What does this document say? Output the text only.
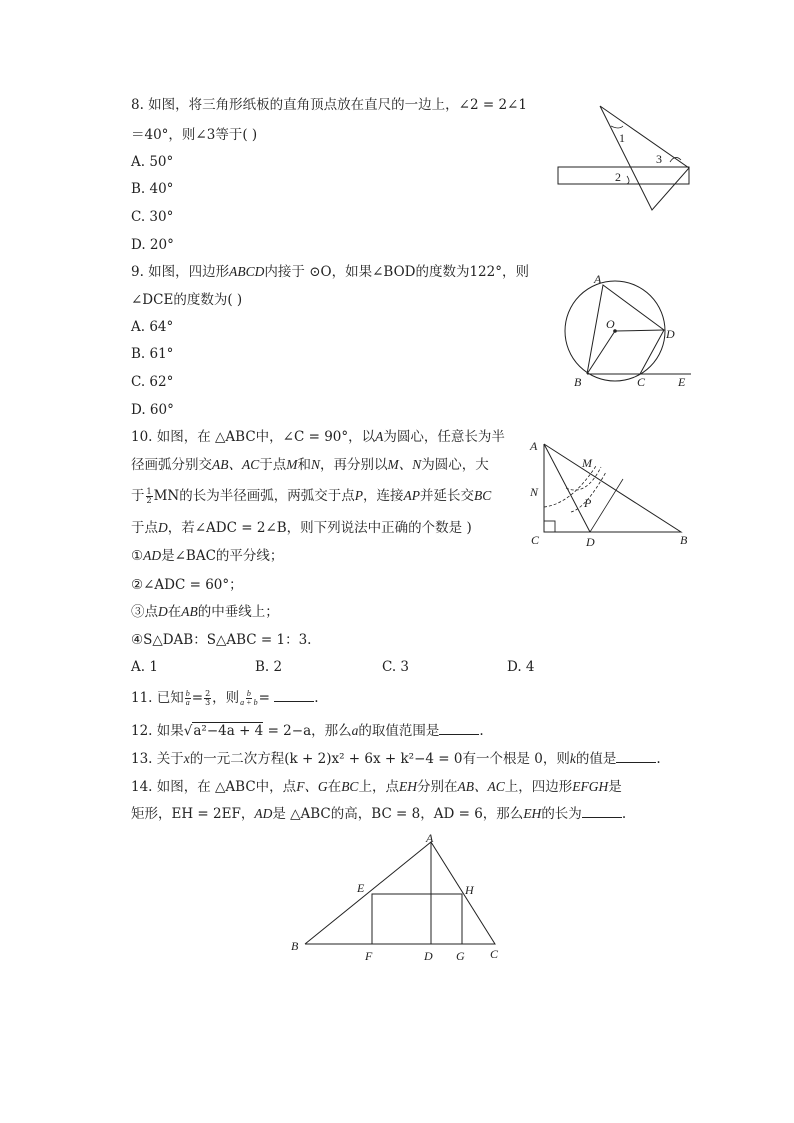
8. 如图，将三角形纸板的直角顶点放在直尺的一边上，∠2 = 2∠1
＝40°，则∠3等于( )
A. 50°
B. 40°
C. 30°
D. 20°
1
3
2
9. 如图，四边形ABCD内接于 ⊙O，如果∠BOD的度数为122°，则
∠DCE的度数为( )
A. 64°
B. 61°
C. 62°
D. 60°
A
O
D
B	C	E
10. 如图，在 △ABC中，∠C = 90°，以A为圆心，任意长为半
径画弧分别交AB、AC于点M和N，再分别以M、N为圆心，大
于 $\frac{1}{2}$ MN的长为半径画弧，两弧交于点P，连接AP并延长交BC
于点D，若∠ADC = 2∠B，则下列说法中正确的个数是 )
①AD是∠BAC的平分线；
②∠ADC = 60°；
③点D在AB的中垂线上；
④S△DAB：S△ABC = 1：3.
A. 1	B. 2	C. 3	D. 4
A
M
N
P
C	D	B
11. 已知 $\frac{b}{a} = \frac{2}{3}$ ，则 $\frac{b}{a + b}$ =	.
12. 如果√a²−4a + 4 = 2−a，那么a的取值范围是	.
13. 关于x的一元二次方程(k + 2)x² + 6x + k²−4 = 0有一个根是 0，则k的值是	.
14. 如图，在 △ABC中，点F、G在BC上，点EH分别在AB、AC上，四边形EFGH是
矩形，EH = 2EF，AD是 △ABC的高，BC = 8，AD = 6，那么EH的长为	.
A
E	H
B
F	D G C
